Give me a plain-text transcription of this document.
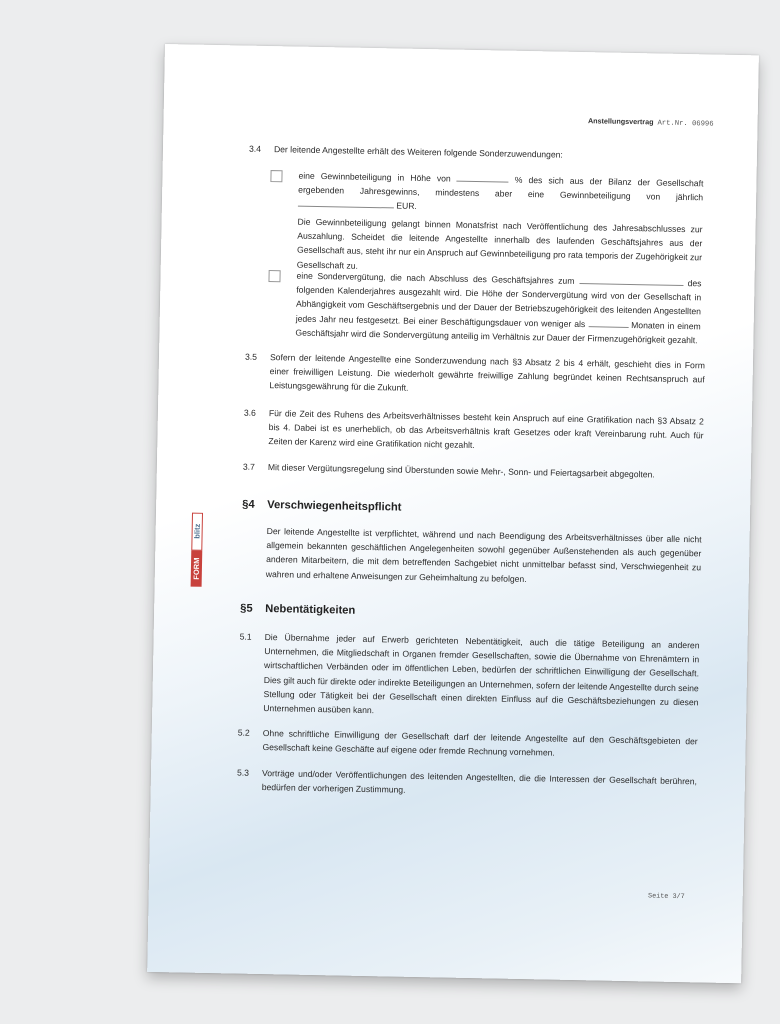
Anstellungsvertrag Art.Nr. 06996
blitz
FORM
3.4 Der leitende Angestellte erhält des Weiteren folgende Sonderzuwendungen:
eine Gewinnbeteiligung in Höhe von	% des sich aus der Bilanz der Gesellschaft ergebenden Jahresgewinns, mindestens aber eine Gewinnbeteiligung von jährlich  EUR.
Die Gewinnbeteiligung gelangt binnen Monatsfrist nach Veröffentlichung des Jahresabschlusses zur Auszahlung. Scheidet die leitende Angestellte innerhalb des laufenden Geschäftsjahres aus der Gesellschaft aus, steht ihr nur ein Anspruch auf Gewinnbeteiligung pro rata temporis der Zugehörigkeit zur Gesellschaft zu.
eine Sondervergütung, die nach Abschluss des Geschäftsjahres zum	des folgenden Kalenderjahres ausgezahlt wird. Die Höhe der Sondervergütung wird von der Gesellschaft in Abhängigkeit vom Geschäftsergebnis und der Dauer der Betriebszugehörigkeit des leitenden Angestellten jedes Jahr neu festgesetzt. Bei einer Beschäftigungsdauer von weniger als	Monaten in einem Geschäftsjahr wird die Sondervergütung anteilig im Verhältnis zur Dauer der Firmenzugehörigkeit gezahlt.
3.5 Sofern der leitende Angestellte eine Sonderzuwendung nach §3 Absatz 2 bis 4 erhält, geschieht dies in Form einer freiwilligen Leistung. Die wiederholt gewährte freiwillige Zahlung begründet keinen Rechtsanspruch auf Leistungsgewährung für die Zukunft.
3.6 Für die Zeit des Ruhens des Arbeitsverhältnisses besteht kein Anspruch auf eine Gratifikation nach §3 Absatz 2 bis 4. Dabei ist es unerheblich, ob das Arbeitsverhältnis kraft Gesetzes oder kraft Vereinbarung ruht. Auch für Zeiten der Karenz wird eine Gratifikation nicht gezahlt.
3.7 Mit dieser Vergütungsregelung sind Überstunden sowie Mehr-, Sonn- und Feiertagsarbeit abgegolten.
§4 Verschwiegenheitspflicht
Der leitende Angestellte ist verpflichtet, während und nach Beendigung des Arbeitsverhältnisses über alle nicht allgemein bekannten geschäftlichen Angelegenheiten sowohl gegenüber Außenstehenden als auch gegenüber anderen Mitarbeitern, die mit dem betreffenden Sachgebiet nicht unmittelbar befasst sind, Verschwiegenheit zu wahren und erhaltene Anweisungen zur Geheimhaltung zu befolgen.
§5 Nebentätigkeiten
5.1 Die Übernahme jeder auf Erwerb gerichteten Nebentätigkeit, auch die tätige Beteiligung an anderen Unternehmen, die Mitgliedschaft in Organen fremder Gesellschaften, sowie die Übernahme von Ehrenämtern in wirtschaftlichen Verbänden oder im öffentlichen Leben, bedürfen der schriftlichen Einwilligung der Gesellschaft. Dies gilt auch für direkte oder indirekte Beteiligungen an Unternehmen, sofern der leitende Angestellte durch seine Stellung oder Tätigkeit bei der Gesellschaft einen direkten Einfluss auf die Geschäftsbeziehungen zu diesen Unternehmen ausüben kann.
5.2 Ohne schriftliche Einwilligung der Gesellschaft darf der leitende Angestellte auf den Geschäftsgebieten der Gesellschaft keine Geschäfte auf eigene oder fremde Rechnung vornehmen.
5.3 Vorträge und/oder Veröffentlichungen des leitenden Angestellten, die die Interessen der Gesellschaft berühren, bedürfen der vorherigen Zustimmung.
Seite 3/7
